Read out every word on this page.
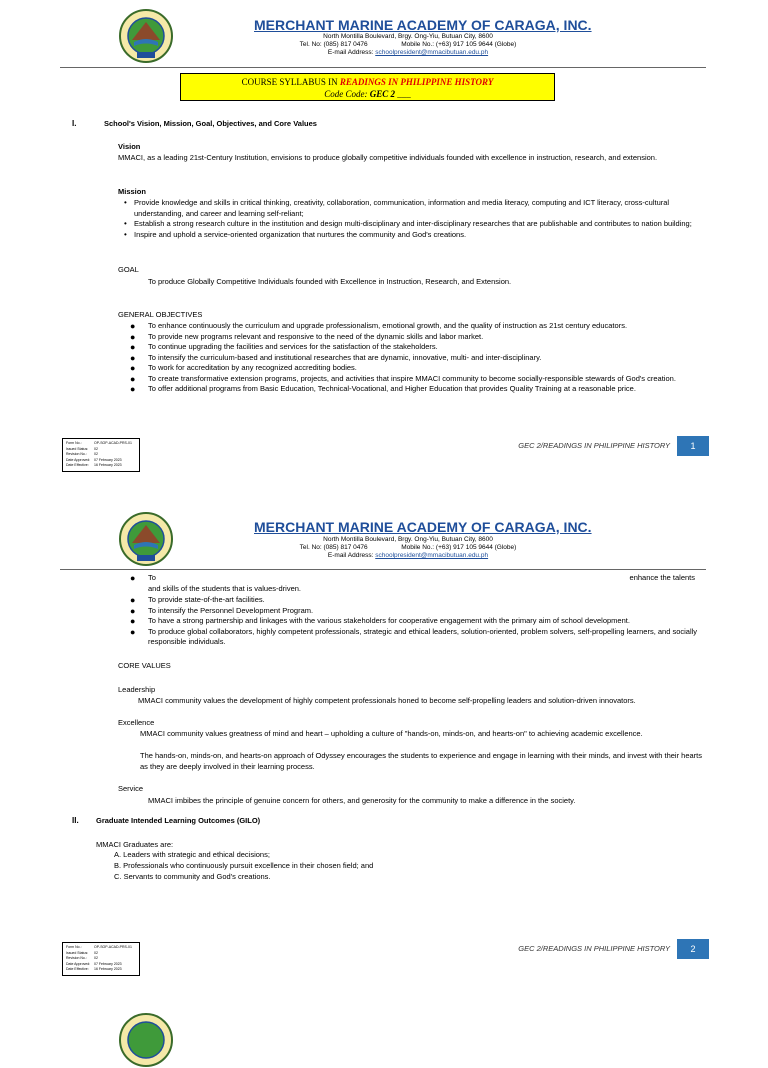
MERCHANT MARINE ACADEMY OF CARAGA, INC.
North Montilla Boulevard, Brgy. Ong-Yiu, Butuan City, 8600
Tel. No: (085) 817 0476	Mobile No.: (+63) 917 105 9644 (Globe)
E-mail Address: schoolpresident@mmacibutuan.edu.ph
COURSE SYLLABUS IN READINGS IN PHILIPPINE HISTORY
Code Code: GEC 2 ___
I.	School's Vision, Mission, Goal, Objectives, and Core Values
Vision
MMACI, as a leading 21st-Century Institution, envisions to produce globally competitive individuals founded with excellence in instruction, research, and extension.
Mission
• Provide knowledge and skills in critical thinking, creativity, collaboration, communication, information and media literacy, computing and ICT literacy, cross-cultural understanding, and career and learning self-reliant;
• Establish a strong research culture in the institution and design multi-disciplinary and inter-disciplinary researches that are publishable and contributes to nation building;
• Inspire and uphold a service-oriented organization that nurtures the community and God's creations.
GOAL
To produce Globally Competitive Individuals founded with Excellence in Instruction, Research, and Extension.
GENERAL OBJECTIVES
● To enhance continuously the curriculum and upgrade professionalism, emotional growth, and the quality of instruction as 21st century educators.
● To provide new programs relevant and responsive to the need of the dynamic skills and labor market.
● To continue upgrading the facilities and services for the satisfaction of the stakeholders.
● To intensify the curriculum-based and institutional researches that are dynamic, innovative, multi- and inter-disciplinary.
● To work for accreditation by any recognized accrediting bodies.
● To create transformative extension programs, projects, and activities that inspire MMACI community to become socially-responsible stewards of God's creation.
● To offer additional programs from Basic Education, Technical-Vocational, and Higher Education that provides Quality Training at a reasonable price.
Form No.:	OP-SOP-ACAD-PRS-01
Issued Status:	02
Revision No.:	02
Date Approved:	07 February 2023
Date Effective:	16 February 2023
GEC 2/READINGS IN PHILIPPINE HISTORY	1
MERCHANT MARINE ACADEMY OF CARAGA, INC.
North Montilla Boulevard, Brgy. Ong-Yiu, Butuan City, 8600
Tel. No: (085) 817 0476	Mobile No.: (+63) 917 105 9644 (Globe)
E-mail Address: schoolpresident@mmacibutuan.edu.ph
● To	enhance the talents
and skills of the students that is values-driven.
● To provide state-of-the-art facilities.
● To intensify the Personnel Development Program.
● To have a strong partnership and linkages with the various stakeholders for cooperative engagement with the primary aim of school development.
● To produce global collaborators, highly competent professionals, strategic and ethical leaders, solution-oriented, problem solvers, self-propelling learners, and socially responsible individuals.
CORE VALUES
Leadership
MMACI community values the development of highly competent professionals honed to become self-propelling leaders and solution-driven innovators.
Excellence
MMACI community values greatness of mind and heart – upholding a culture of "hands-on, minds-on, and hearts-on" to achieving academic excellence.
The hands-on, minds-on, and hearts-on approach of Odyssey encourages the students to experience and engage in learning with their minds, and invest with their hearts as they are deeply involved in their learning process.
Service
MMACI imbibes the principle of genuine concern for others, and generosity for the community to make a difference in the society.
II. Graduate Intended Learning Outcomes (GILO)
MMACI Graduates are:
A. Leaders with strategic and ethical decisions;
B. Professionals who continuously pursuit excellence in their chosen field; and
C. Servants to community and God's creations.
Form No.:	OP-SOP-ACAD-PRS-01
Issued Status:	02
Revision No.:	02
Date Approved:	07 February 2023
Date Effective:	16 February 2023
GEC 2/READINGS IN PHILIPPINE HISTORY	2
